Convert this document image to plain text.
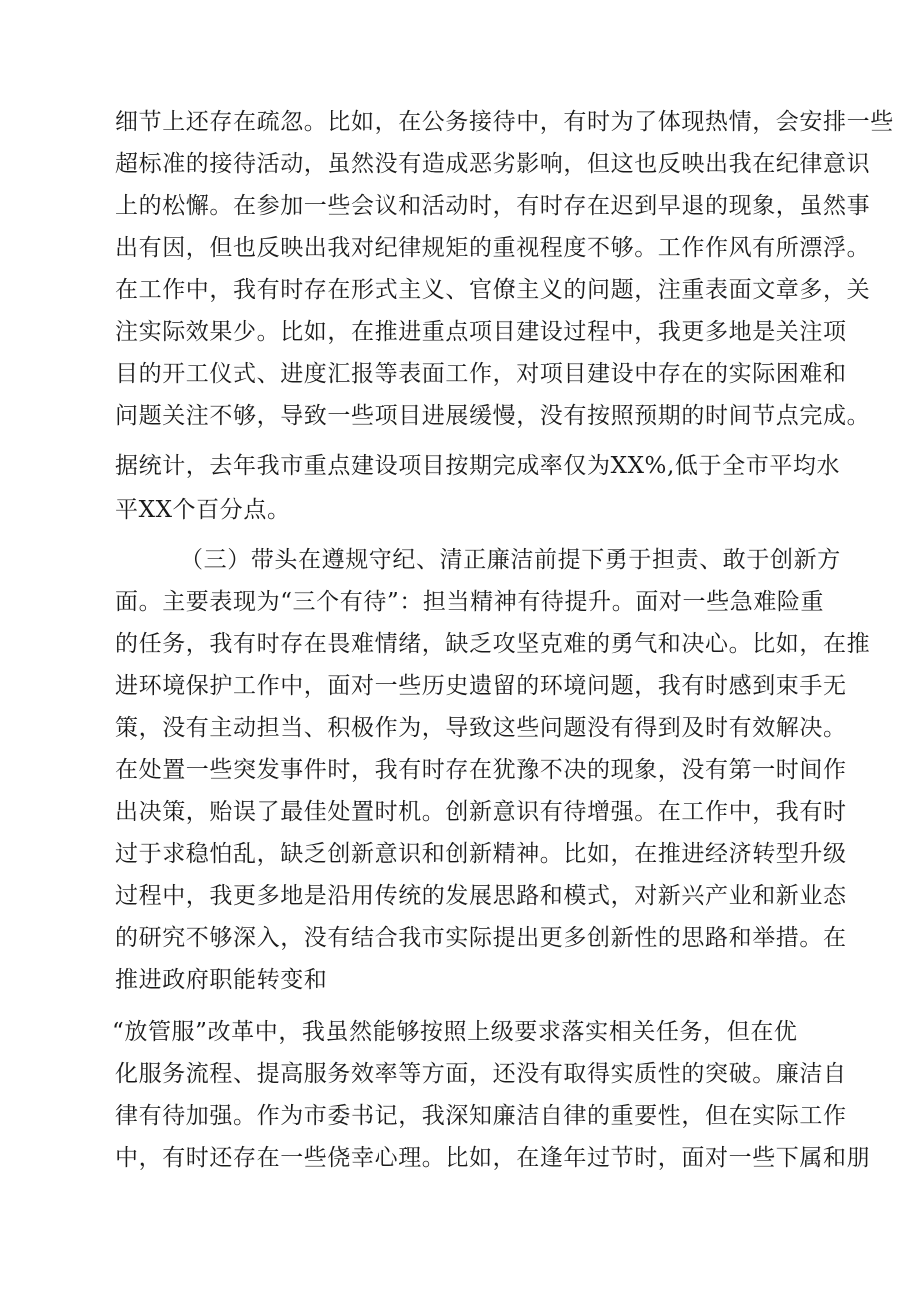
细节上还存在疏忽。比如，在公务接待中，有时为了体现热情，会安排一些
超标准的接待活动，虽然没有造成恶劣影响，但这也反映出我在纪律意识
上的松懈。在参加一些会议和活动时，有时存在迟到早退的现象，虽然事
出有因，但也反映出我对纪律规矩的重视程度不够。工作作风有所漂浮。
在工作中，我有时存在形式主义、官僚主义的问题，注重表面文章多，关
注实际效果少。比如，在推进重点项目建设过程中，我更多地是关注项
目的开工仪式、进度汇报等表面工作，对项目建设中存在的实际困难和
问题关注不够，导致一些项目进展缓慢，没有按照预期的时间节点完成。
据统计，去年我市重点建设项目按期完成率仅为XX%,低于全市平均水
平XX个百分点。
（三）带头在遵规守纪、清正廉洁前提下勇于担责、敢于创新方
面。主要表现为“三个有待”：担当精神有待提升。面对一些急难险重
的任务，我有时存在畏难情绪，缺乏攻坚克难的勇气和决心。比如，在推
进环境保护工作中，面对一些历史遗留的环境问题，我有时感到束手无
策，没有主动担当、积极作为，导致这些问题没有得到及时有效解决。
在处置一些突发事件时，我有时存在犹豫不决的现象，没有第一时间作
出决策，贻误了最佳处置时机。创新意识有待增强。在工作中，我有时
过于求稳怕乱，缺乏创新意识和创新精神。比如，在推进经济转型升级
过程中，我更多地是沿用传统的发展思路和模式，对新兴产业和新业态
的研究不够深入，没有结合我市实际提出更多创新性的思路和举措。在
推进政府职能转变和
“放管服”改革中，我虽然能够按照上级要求落实相关任务，但在优
化服务流程、提高服务效率等方面，还没有取得实质性的突破。廉洁自
律有待加强。作为市委书记，我深知廉洁自律的重要性，但在实际工作
中，有时还存在一些侥幸心理。比如，在逢年过节时，面对一些下属和朋
